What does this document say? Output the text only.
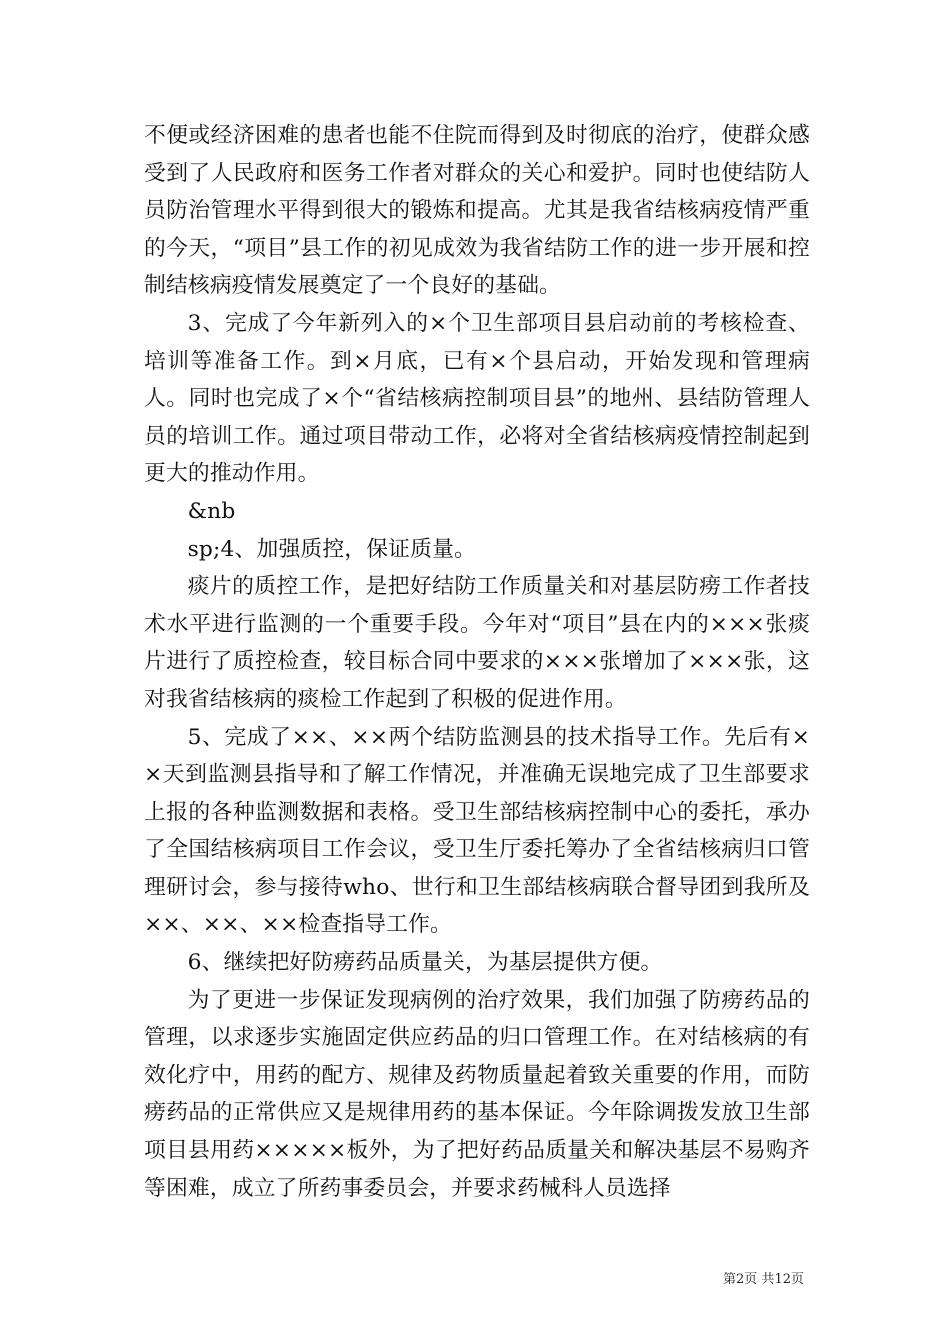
不便或经济困难的患者也能不住院而得到及时彻底的治疗，使群众感受到了人民政府和医务工作者对群众的关心和爱护。同时也使结防人员防治管理水平得到很大的锻炼和提高。尤其是我省结核病疫情严重的今天，“项目”县工作的初见成效为我省结防工作的进一步开展和控制结核病疫情发展奠定了一个良好的基础。

3、完成了今年新列入的×个卫生部项目县启动前的考核检查、培训等准备工作。到×月底，已有×个县启动，开始发现和管理病人。同时也完成了×个“省结核病控制项目县”的地州、县结防管理人员的培训工作。通过项目带动工作，必将对全省结核病疫情控制起到更大的推动作用。

&nb

sp;4、加强质控，保证质量。

痰片的质控工作，是把好结防工作质量关和对基层防痨工作者技术水平进行监测的一个重要手段。今年对“项目”县在内的×××张痰片进行了质控检查，较目标合同中要求的×××张增加了×××张，这对我省结核病的痰检工作起到了积极的促进作用。

5、完成了××、××两个结防监测县的技术指导工作。先后有××天到监测县指导和了解工作情况，并准确无误地完成了卫生部要求上报的各种监测数据和表格。受卫生部结核病控制中心的委托，承办了全国结核病项目工作会议，受卫生厅委托筹办了全省结核病归口管理研讨会，参与接待who、世行和卫生部结核病联合督导团到我所及××、××、××检查指导工作。

6、继续把好防痨药品质量关，为基层提供方便。

为了更进一步保证发现病例的治疗效果，我们加强了防痨药品的管理，以求逐步实施固定供应药品的归口管理工作。在对结核病的有效化疗中，用药的配方、规律及药物质量起着致关重要的作用，而防痨药品的正常供应又是规律用药的基本保证。今年除调拨发放卫生部项目县用药×××××板外，为了把好药品质量关和解决基层不易购齐等困难，成立了所药事委员会，并要求药械科人员选择

第2页 共12页
